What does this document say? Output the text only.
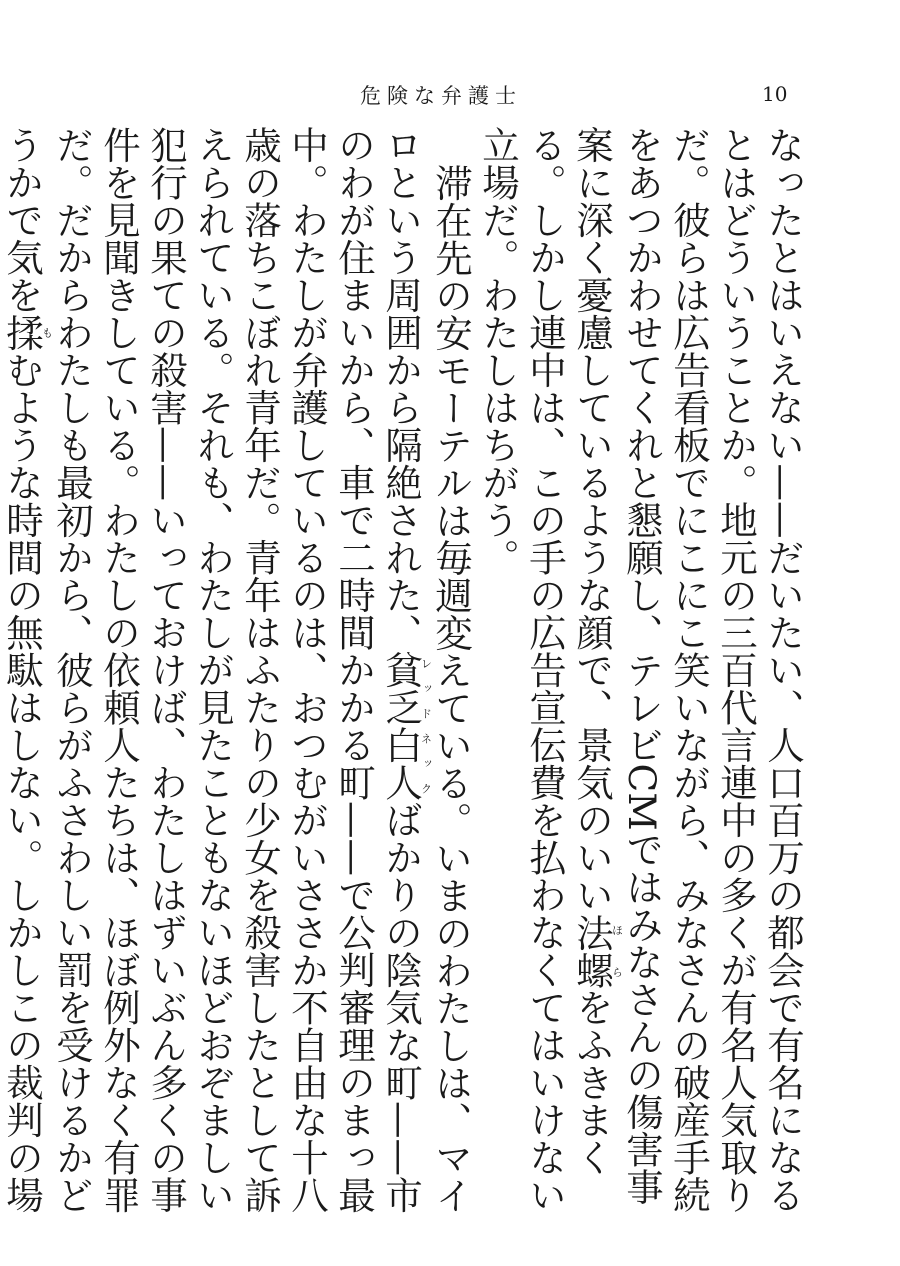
危険な弁護士	10

なったとはいえない——だいたい、人口百万の都会で有名になるとはどういうことか。地元の三百代言連中の多くが有名人気取りだ。彼らは広告看板でにこにこ笑いながら、みなさんの破産手続をあつかわせてくれと懇願し、テレビCMではみなさんの傷害事案に深く憂慮しているような顔で、景気のいい法螺ほらをふきまくる。しかし連中は、この手の広告宣伝費を払わなくてはいけない立場だ。わたしはちがう。

滞在先の安モーテルは毎週変えている。いまのわたしは、マイロという周囲から隔絶された、貧乏白人レッドネックばかりの陰気な町——市のわが住まいから、車で二時間かかる町——で公判審理のまっ最中。わたしが弁護しているのは、おつむがいささか不自由な十八歳の落ちこぼれ青年だ。青年はふたりの少女を殺害したとして訴えられている。それも、わたしが見たこともないほどおぞましい犯行の果ての殺害——いっておけば、わたしはずいぶん多くの事件を見聞きしている。わたしの依頼人たちは、ほぼ例外なく有罪だ。だからわたしも最初から、彼らがふさわしい罰を受けるかどうかで気を揉もむような時間の無駄はしない。しかしこの裁判の場
